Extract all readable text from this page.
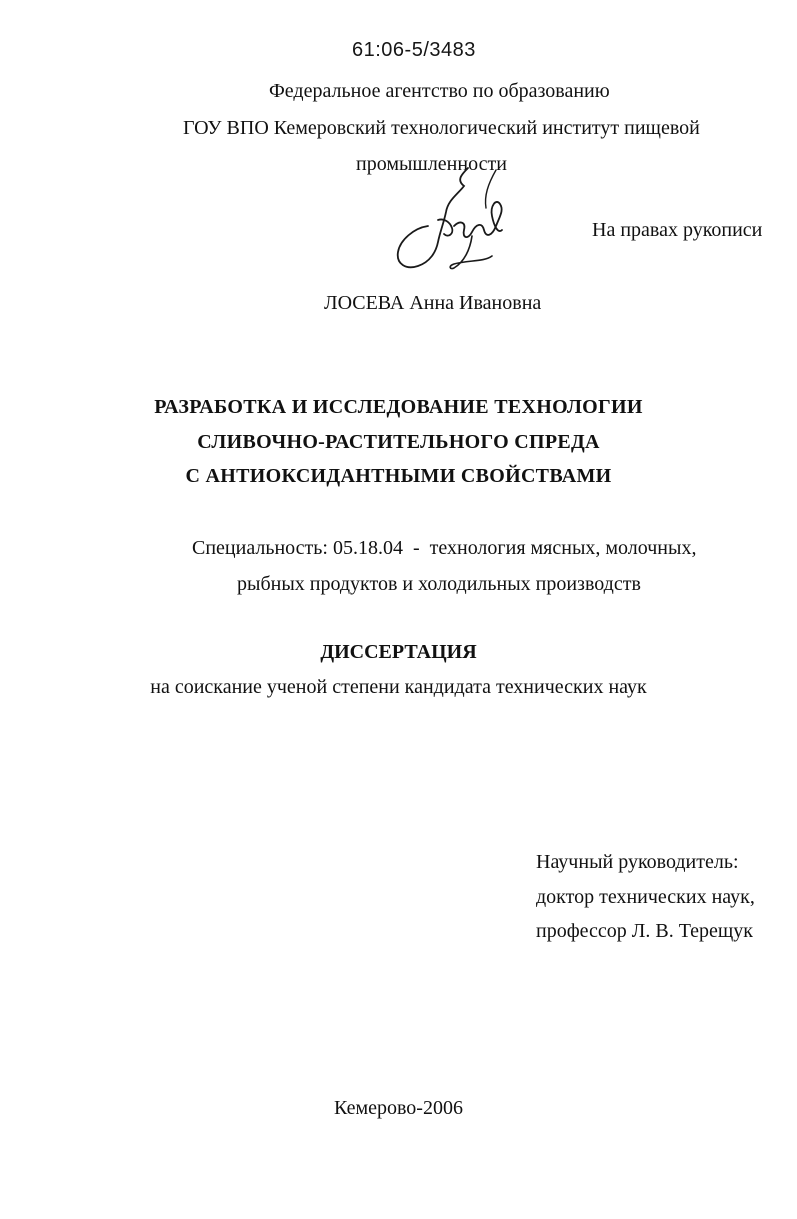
61:06-5/3483
Федеральное агентство по образованию
ГОУ ВПО Кемеровский технологический институт пищевой
промышленности
На правах рукописи
ЛОСЕВА Анна Ивановна
РАЗРАБОТКА И ИССЛЕДОВАНИЕ ТЕХНОЛОГИИ
СЛИВОЧНО-РАСТИТЕЛЬНОГО СПРЕДА
С АНТИОКСИДАНТНЫМИ СВОЙСТВАМИ
Специальность: 05.18.04  -  технология мясных, молочных,
рыбных продуктов и холодильных производств
ДИССЕРТАЦИЯ
на соискание ученой степени кандидата технических наук
Научный руководитель:
доктор технических наук,
профессор Л. В. Терещук
Кемерово-2006
